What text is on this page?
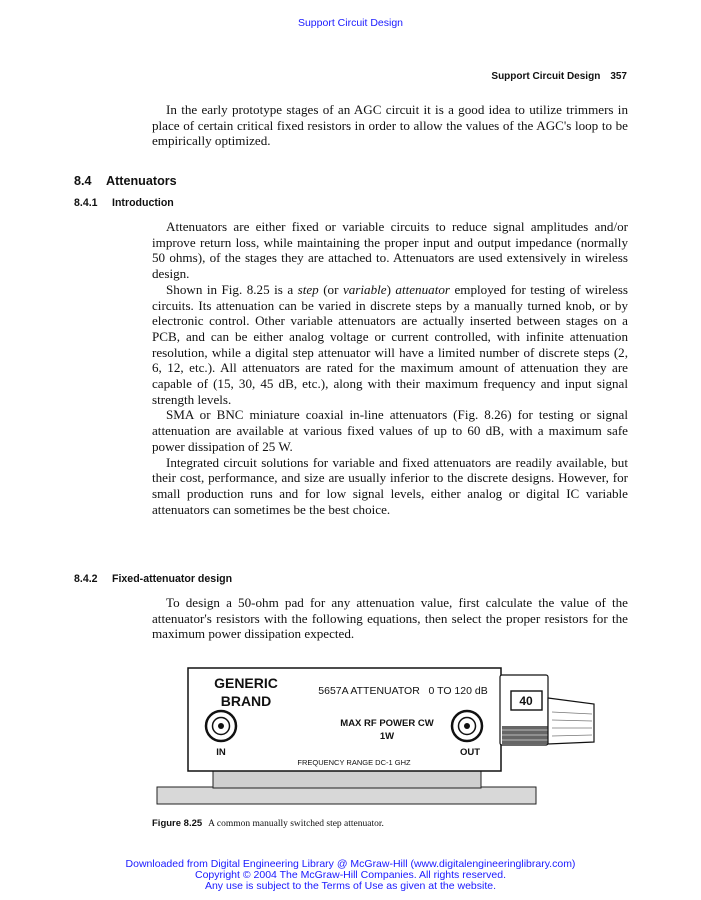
Support Circuit Design
Support Circuit Design 357

In the early prototype stages of an AGC circuit it is a good idea to utilize trimmers in place of certain critical fixed resistors in order to allow the values of the AGC's loop to be empirically optimized.

8.4 Attenuators
8.4.1 Introduction

Attenuators are either fixed or variable circuits to reduce signal amplitudes and/or improve return loss, while maintaining the proper input and output impedance (normally 50 ohms), of the stages they are attached to. Attenuators are used extensively in wireless design.

Shown in Fig. 8.25 is a step (or variable) attenuator employed for testing of wireless circuits. Its attenuation can be varied in discrete steps by a manually turned knob, or by electronic control. Other variable attenuators are actually inserted between stages on a PCB, and can be either analog voltage or current controlled, with infinite attenuation resolution, while a digital step attenuator will have a limited number of discrete steps (2, 6, 12, etc.). All attenuators are rated for the maximum amount of attenuation they are capable of (15, 30, 45 dB, etc.), along with their maximum frequency and input signal strength levels.

SMA or BNC miniature coaxial in-line attenuators (Fig. 8.26) for testing or signal attenuation are available at various fixed values of up to 60 dB, with a maximum safe power dissipation of 25 W.

Integrated circuit solutions for variable and fixed attenuators are readily available, but their cost, performance, and size are usually inferior to the discrete designs. However, for small production runs and for low signal levels, either analog or digital IC variable attenuators can sometimes be the best choice.

8.4.2 Fixed-attenuator design

To design a 50-ohm pad for any attenuation value, first calculate the value of the attenuator's resistors with the following equations, then select the proper resistors for the maximum power dissipation expected.

GENERIC
BRAND
5657A ATTENUATOR   0 TO 120 dB
MAX RF POWER CW
1W
IN	OUT
FREQUENCY RANGE DC-1 GHZ
40
Figure 8.25 A common manually switched step attenuator.
Downloaded from Digital Engineering Library @ McGraw-Hill (www.digitalengineeringlibrary.com)
Copyright © 2004 The McGraw-Hill Companies. All rights reserved.
Any use is subject to the Terms of Use as given at the website.
